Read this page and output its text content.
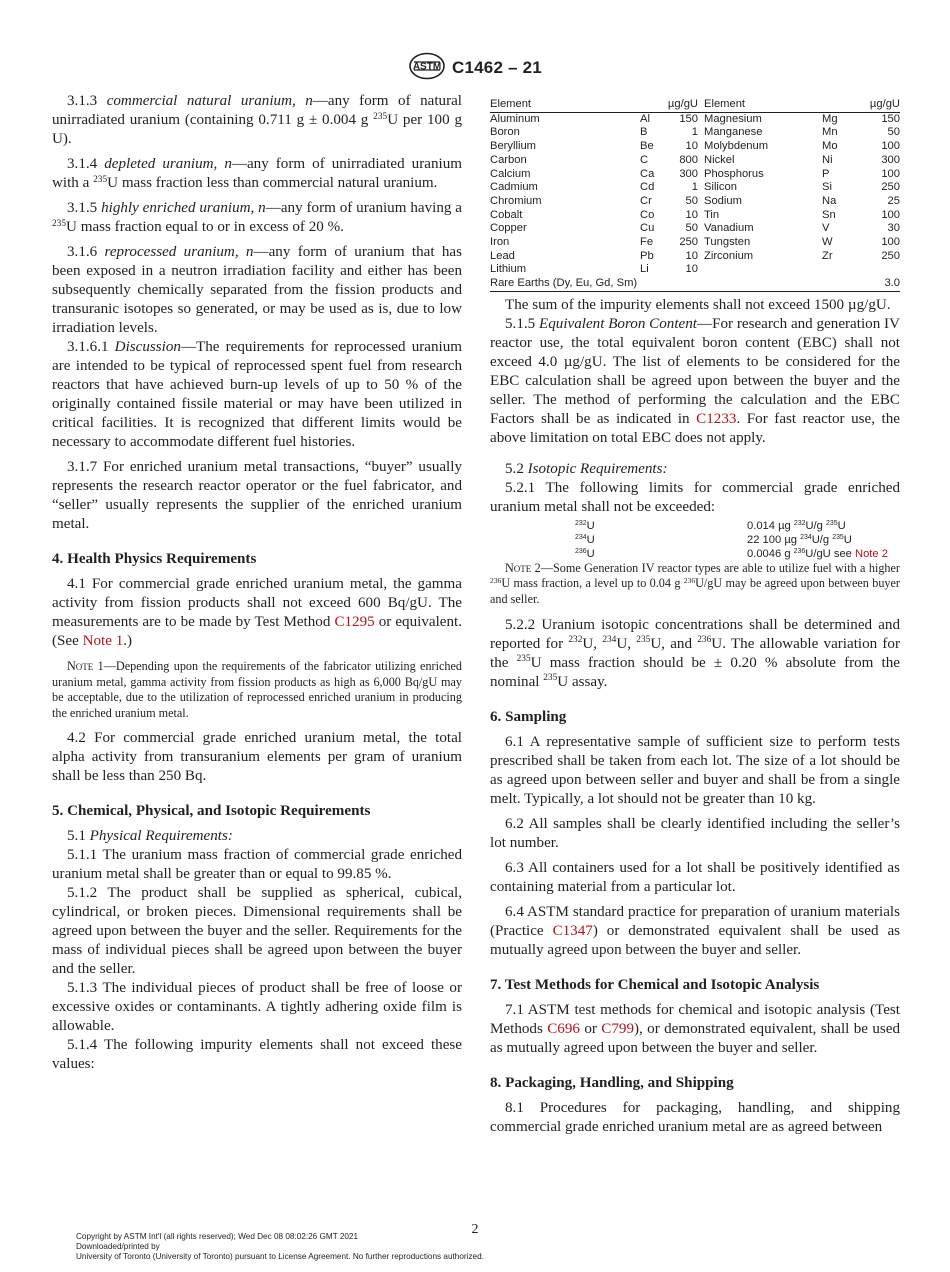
ASTM C1462 – 21

3.1.3 commercial natural uranium, n—any form of natural unirradiated uranium (containing 0.711 g ± 0.004 g $^{235}$U per 100 g U).

3.1.4 depleted uranium, n—any form of unirradiated uranium with a $^{235}$U mass fraction less than commercial natural uranium.

3.1.5 highly enriched uranium, n—any form of uranium having a $^{235}$U mass fraction equal to or in excess of 20 %.

3.1.6 reprocessed uranium, n—any form of uranium that has been exposed in a neutron irradiation facility and either has been subsequently chemically separated from the fission products and transuranic isotopes so generated, or may be used as is, due to low irradiation levels.

3.1.6.1 Discussion—The requirements for reprocessed uranium are intended to be typical of reprocessed spent fuel from research reactors that have achieved burn-up levels of up to 50 % of the originally contained fissile material or may have been utilized in critical facilities. It is recognized that different limits would be necessary to accommodate different fuel histories.

3.1.7 For enriched uranium metal transactions, “buyer” usually represents the research reactor operator or the fuel fabricator, and “seller” usually represents the supplier of the enriched uranium metal.

4. Health Physics Requirements

4.1 For commercial grade enriched uranium metal, the gamma activity from fission products shall not exceed 600 Bq/gU. The measurements are to be made by Test Method C1295 or equivalent. (See Note 1.)

Note 1—Depending upon the requirements of the fabricator utilizing enriched uranium metal, gamma activity from fission products as high as 6,000 Bq/gU may be acceptable, due to the utilization of reprocessed enriched uranium in producing the enriched uranium metal.

4.2 For commercial grade enriched uranium metal, the total alpha activity from transuranium elements per gram of uranium shall be less than 250 Bq.

5. Chemical, Physical, and Isotopic Requirements

5.1 Physical Requirements:

5.1.1 The uranium mass fraction of commercial grade enriched uranium metal shall be greater than or equal to 99.85 %.

5.1.2 The product shall be supplied as spherical, cubical, cylindrical, or broken pieces. Dimensional requirements shall be agreed upon between the buyer and the seller. Requirements for the mass of individual pieces shall be agreed upon between the buyer and the seller.

5.1.3 The individual pieces of product shall be free of loose or excessive oxides or contaminants. A tightly adhering oxide film is allowable.

5.1.4 The following impurity elements shall not exceed these values:

Element		µg/gU	Element		µg/gU
Aluminum	Al	150	Magnesium	Mg	150
Boron	B	1	Manganese	Mn	50
Beryllium	Be	10	Molybdenum	Mo	100
Carbon	C	800	Nickel	Ni	300
Calcium	Ca	300	Phosphorus	P	100
Cadmium	Cd	1	Silicon	Si	250
Chromium	Cr	50	Sodium	Na	25
Cobalt	Co	10	Tin	Sn	100
Copper	Cu	50	Vanadium	V	30
Iron	Fe	250	Tungsten	W	100
Lead	Pb	10	Zirconium	Zr	250
Lithium	Li	10			
Rare Earths (Dy, Eu, Gd, Sm)					3.0

The sum of the impurity elements shall not exceed 1500 µg/gU.

5.1.5 Equivalent Boron Content—For research and generation IV reactor use, the total equivalent boron content (EBC) shall not exceed 4.0 µg/gU. The list of elements to be considered for the EBC calculation shall be agreed upon between the buyer and the seller. The method of performing the calculation and the EBC Factors shall be as indicated in C1233. For fast reactor use, the above limitation on total EBC does not apply.

5.2 Isotopic Requirements:

5.2.1 The following limits for commercial grade enriched uranium metal shall not be exceeded:

$^{232}$U	0.014 µg $^{232}$U/g $^{235}$U
$^{234}$U	22 100 µg $^{234}$U/g $^{235}$U
$^{236}$U	0.0046 g $^{236}$U/gU see Note 2

Note 2—Some Generation IV reactor types are able to utilize fuel with a higher $^{236}$U mass fraction, a level up to 0.04 g $^{236}$U/gU may be agreed upon between buyer and seller.

5.2.2 Uranium isotopic concentrations shall be determined and reported for $^{232}$U, $^{234}$U, $^{235}$U, and $^{236}$U. The allowable variation for the $^{235}$U mass fraction should be ± 0.20 % absolute from the nominal $^{235}$U assay.

6. Sampling

6.1 A representative sample of sufficient size to perform tests prescribed shall be taken from each lot. The size of a lot should be as agreed upon between seller and buyer and shall be from a single melt. Typically, a lot should not be greater than 10 kg.

6.2 All samples shall be clearly identified including the seller’s lot number.

6.3 All containers used for a lot shall be positively identified as containing material from a particular lot.

6.4 ASTM standard practice for preparation of uranium materials (Practice C1347) or demonstrated equivalent shall be used as mutually agreed upon between the buyer and seller.

7. Test Methods for Chemical and Isotopic Analysis

7.1 ASTM test methods for chemical and isotopic analysis (Test Methods C696 or C799), or demonstrated equivalent, shall be used as mutually agreed upon between the buyer and seller.

8. Packaging, Handling, and Shipping

8.1 Procedures for packaging, handling, and shipping commercial grade enriched uranium metal are as agreed between

2
Copyright by ASTM Int'l (all rights reserved); Wed Dec 08 08:02:26 GMT 2021
Downloaded/printed by
University of Toronto (University of Toronto) pursuant to License Agreement. No further reproductions authorized.
